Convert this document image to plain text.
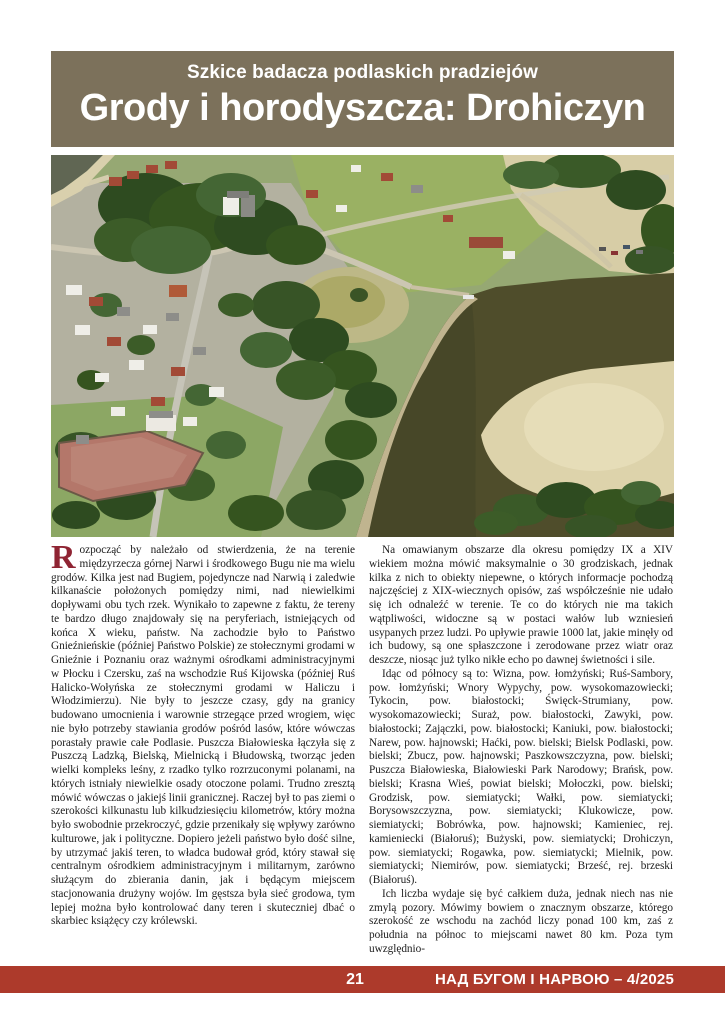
Szkice badacza podlaskich pradziejów
Grody i horodyszcza: Drohiczyn

Rozpocząć by należało od stwierdzenia, że na terenie międzyrzecza górnej Narwi i środkowego Bugu nie ma wielu grodów. Kilka jest nad Bugiem, pojedyncze nad Narwią i zaledwie kilkanaście położonych pomiędzy nimi, nad niewielkimi dopływami obu tych rzek. Wynikało to zapewne z faktu, że tereny te bardzo długo znajdowały się na peryferiach, istniejących od końca X wieku, państw. Na zachodzie było to Państwo Gnieźnieńskie (później Państwo Polskie) ze stołecznymi grodami w Gnieźnie i Poznaniu oraz ważnymi ośrodkami administracyjnymi w Płocku i Czersku, zaś na wschodzie Ruś Kijowska (później Ruś Halicko-Wołyńska ze stołecznymi grodami w Haliczu i Włodzimierzu). Nie były to jeszcze czasy, gdy na granicy budowano umocnienia i warownie strzegące przed wrogiem, więc nie było potrzeby stawiania grodów pośród lasów, które wówczas porastały prawie całe Podlasie. Puszcza Białowieska łączyła się z Puszczą Ladzką, Bielską, Mielnicką i Błudowską, tworząc jeden wielki kompleks leśny, z rzadko tylko rozrzuconymi polanami, na których istniały niewielkie osady otoczone polami. Trudno zresztą mówić wówczas o jakiejś linii granicznej. Raczej był to pas ziemi o szerokości kilkunastu lub kilkudziesięciu kilometrów, który można było swobodnie przekroczyć, gdzie przenikały się wpływy zarówno kulturowe, jak i polityczne. Dopiero jeżeli państwo było dość silne, by utrzymać jakiś teren, to władca budował gród, który stawał się centralnym ośrodkiem administracyjnym i militarnym, zarówno służącym do zbierania danin, jak i będącym miejscem stacjonowania drużyny wojów. Im gęstsza była sieć grodowa, tym lepiej można było kontrolować dany teren i skuteczniej dbać o skarbiec książęcy czy królewski.

Na omawianym obszarze dla okresu pomiędzy IX a XIV wiekiem można mówić maksymalnie o 30 grodziskach, jednak kilka z nich to obiekty niepewne, o których informacje pochodzą najczęściej z XIX-wiecznych opisów, zaś współcześnie nie udało się ich odnaleźć w terenie. Te co do których nie ma takich wątpliwości, widoczne są w postaci wałów lub wzniesień usypanych przez ludzi. Po upływie prawie 1000 lat, jakie minęły od ich budowy, są one spłaszczone i zerodowane przez wiatr oraz deszcze, niosąc już tylko nikłe echo po dawnej świetności i sile.

Idąc od północy są to: Wizna, pow. łomżyński; Ruś-Sambory, pow. łomżyński; Wnory Wypychy, pow. wysokomazowiecki; Tykocin, pow. białostocki; Święck-Strumiany, pow. wysokomazowiecki; Suraż, pow. białostocki, Zawyki, pow. białostocki; Zajączki, pow. białostocki; Kaniuki, pow. białostocki; Narew, pow. hajnowski; Haćki, pow. bielski; Bielsk Podlaski, pow. bielski; Zbucz, pow. hajnowski; Paszkowszczyzna, pow. bielski; Puszcza Białowieska, Białowieski Park Narodowy; Brańsk, pow. bielski; Krasna Wieś, powiat bielski; Mołoczki, pow. bielski; Grodzisk, pow. siemiatycki; Wałki, pow. siemiatycki; Borysowszczyzna, pow. siemiatycki; Klukowicze, pow. siemiatycki; Bobrówka, pow. hajnowski; Kamieniec, rej. kamieniecki (Białoruś); Bużyski, pow. siemiatycki; Drohiczyn, pow. siemiatycki; Rogawka, pow. siemiatycki; Mielnik, pow. siemiatycki; Niemirów, pow. siemiatycki; Brześć, rej. brzeski (Białoruś).

Ich liczba wydaje się być całkiem duża, jednak niech nas nie zmylą pozory. Mówimy bowiem o znacznym obszarze, którego szerokość ze wschodu na zachód liczy ponad 100 km, zaś z południa na północ to miejscami nawet 80 km. Poza tym uwzględnio-

21	НАД БУГОМ І НАРВОЮ – 4/2025
